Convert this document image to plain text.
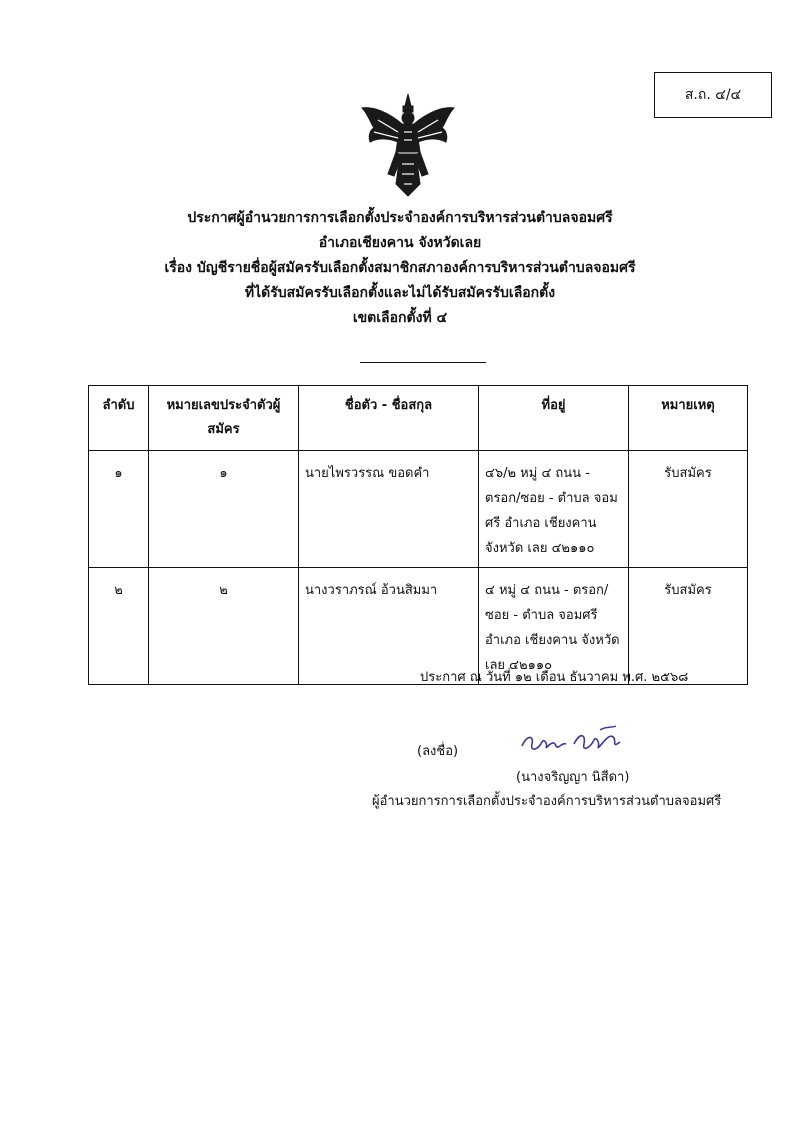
ส.ถ. ๔/๔
ประกาศผู้อำนวยการการเลือกตั้งประจำองค์การบริหารส่วนตำบลจอมศรี
อำเภอเชียงคาน จังหวัดเลย
เรื่อง บัญชีรายชื่อผู้สมัครรับเลือกตั้งสมาชิกสภาองค์การบริหารส่วนตำบลจอมศรี
ที่ได้รับสมัครรับเลือกตั้งและไม่ได้รับสมัครรับเลือกตั้ง
เขตเลือกตั้งที่ ๔
ลำดับ	หมายเลขประจำตัวผู้สมัคร	ชื่อตัว - ชื่อสกุล	ที่อยู่	หมายเหตุ
๑	๑	นายไพรวรรณ ขอดคำ	๔๖/๒ หมู่ ๔ ถนน - ตรอก/ซอย - ตำบล จอมศรี อำเภอ เชียงคาน จังหวัด เลย ๔๒๑๑๐	รับสมัคร
๒	๒	นางวราภรณ์ อ้วนสิมมา	๔ หมู่ ๔ ถนน - ตรอก/ซอย - ตำบล จอมศรี อำเภอ เชียงคาน จังหวัด เลย ๔๒๑๑๐	รับสมัคร
ประกาศ ณ วันที่ ๑๒ เดือน ธันวาคม พ.ศ. ๒๕๖๘
(ลงชื่อ)
(นางจริญญา นิสีดา)
ผู้อำนวยการการเลือกตั้งประจำองค์การบริหารส่วนตำบลจอมศรี
